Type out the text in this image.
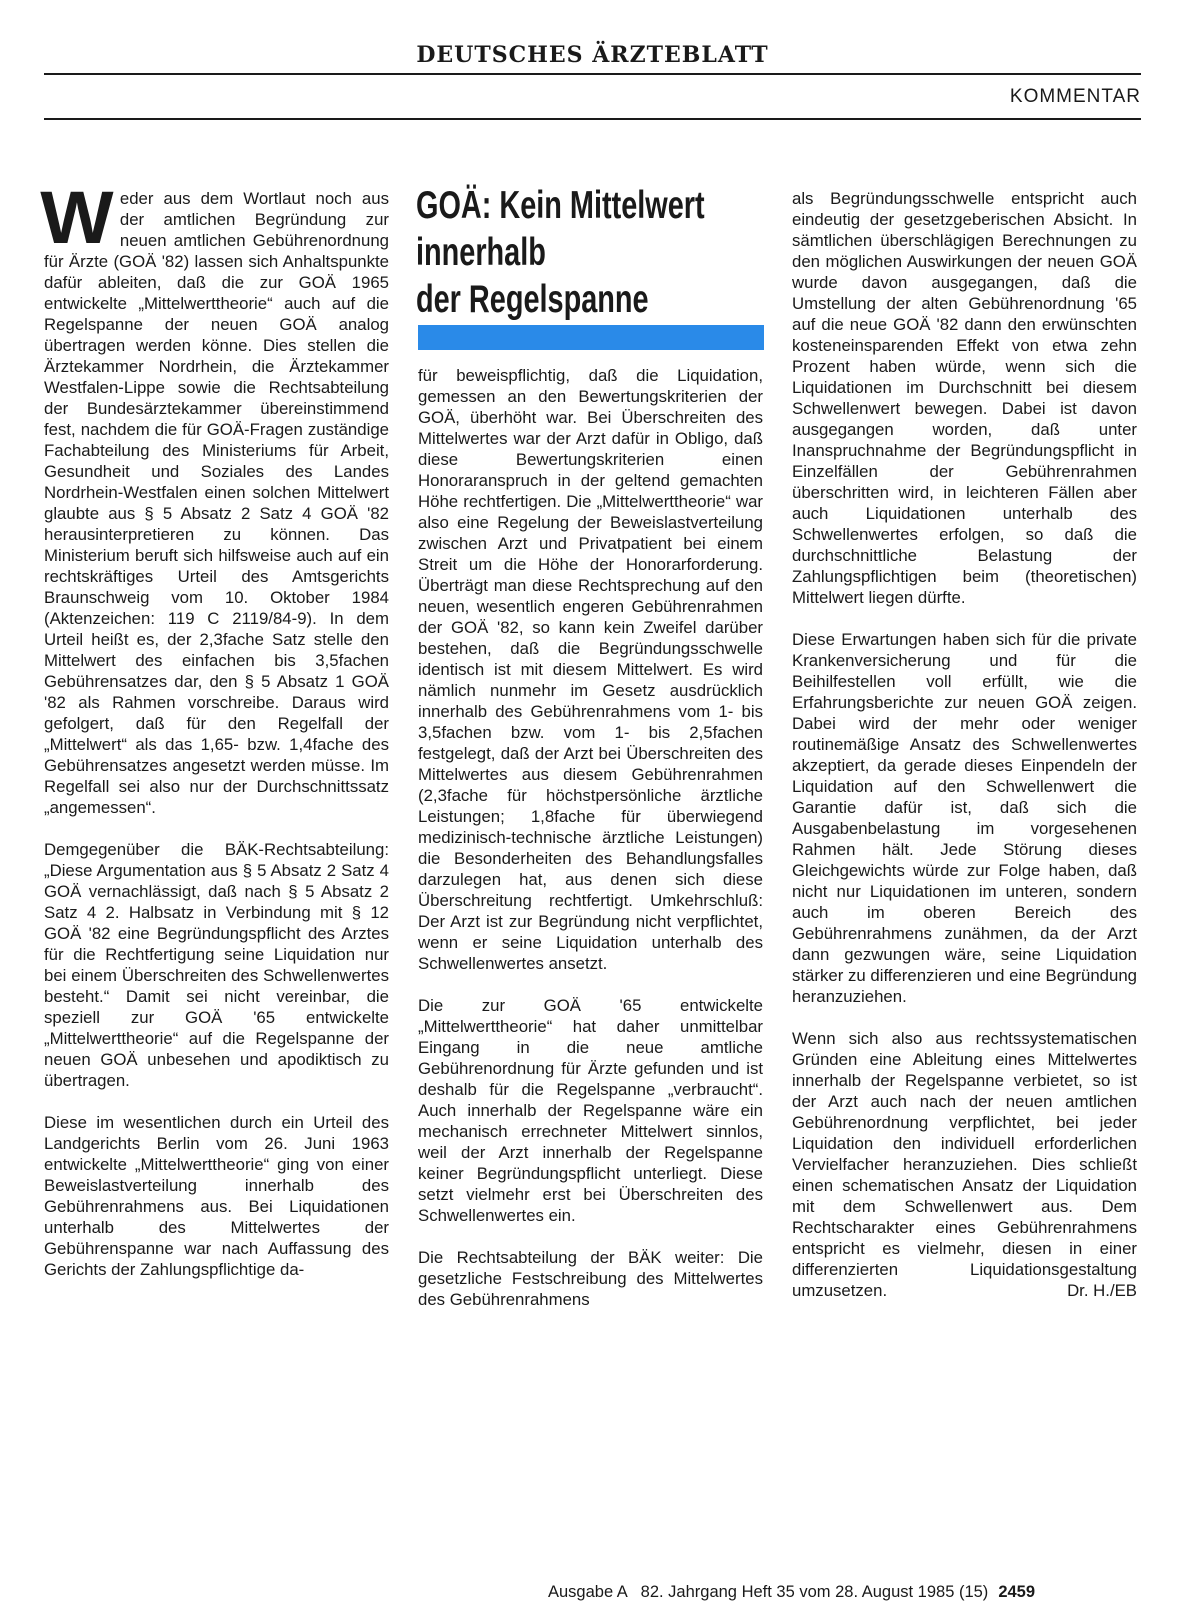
DEUTSCHES ÄRZTEBLATT
KOMMENTAR

Weder aus dem Wortlaut noch aus der amtlichen Begründung zur neuen amtlichen Gebührenordnung für Ärzte (GOÄ '82) lassen sich Anhaltspunkte dafür ableiten, daß die zur GOÄ 1965 entwickelte „Mittelwerttheorie“ auch auf die Regelspanne der neuen GOÄ analog übertragen werden könne. Dies stellen die Ärztekammer Nordrhein, die Ärztekammer Westfalen-Lippe sowie die Rechtsabteilung der Bundesärztekammer übereinstimmend fest, nachdem die für GOÄ-Fragen zuständige Fachabteilung des Ministeriums für Arbeit, Gesundheit und Soziales des Landes Nordrhein-Westfalen einen solchen Mittelwert glaubte aus § 5 Absatz 2 Satz 4 GOÄ '82 herausinterpretieren zu können. Das Ministerium beruft sich hilfsweise auch auf ein rechtskräftiges Urteil des Amtsgerichts Braunschweig vom 10. Oktober 1984 (Aktenzeichen: 119 C 2119/84-9). In dem Urteil heißt es, der 2,3fache Satz stelle den Mittelwert des einfachen bis 3,5fachen Gebührensatzes dar, den § 5 Absatz 1 GOÄ '82 als Rahmen vorschreibe. Daraus wird gefolgert, daß für den Regelfall der „Mittelwert“ als das 1,65- bzw. 1,4fache des Gebührensatzes angesetzt werden müsse. Im Regelfall sei also nur der Durchschnittssatz „angemessen“.

Demgegenüber die BÄK-Rechtsabteilung: „Diese Argumentation aus § 5 Absatz 2 Satz 4 GOÄ vernachlässigt, daß nach § 5 Absatz 2 Satz 4 2. Halbsatz in Verbindung mit § 12 GOÄ '82 eine Begründungspflicht des Arztes für die Rechtfertigung seine Liquidation nur bei einem Überschreiten des Schwellenwertes besteht.“ Damit sei nicht vereinbar, die speziell zur GOÄ '65 entwickelte „Mittelwerttheorie“ auf die Regelspanne der neuen GOÄ unbesehen und apodiktisch zu übertragen.

Diese im wesentlichen durch ein Urteil des Landgerichts Berlin vom 26. Juni 1963 entwickelte „Mittelwerttheorie“ ging von einer Beweislastverteilung innerhalb des Gebührenrahmens aus. Bei Liquidationen unterhalb des Mittelwertes der Gebührenspanne war nach Auffassung des Gerichts der Zahlungspflichtige da-

GOÄ: Kein Mittelwert
innerhalb
der Regelspanne

für beweispflichtig, daß die Liquidation, gemessen an den Bewertungskriterien der GOÄ, überhöht war. Bei Überschreiten des Mittelwertes war der Arzt dafür in Obligo, daß diese Bewertungskriterien einen Honoraranspruch in der geltend gemachten Höhe rechtfertigen. Die „Mittelwerttheorie“ war also eine Regelung der Beweislastverteilung zwischen Arzt und Privatpatient bei einem Streit um die Höhe der Honorarforderung. Überträgt man diese Rechtsprechung auf den neuen, wesentlich engeren Gebührenrahmen der GOÄ '82, so kann kein Zweifel darüber bestehen, daß die Begründungsschwelle identisch ist mit diesem Mittelwert. Es wird nämlich nunmehr im Gesetz ausdrücklich innerhalb des Gebührenrahmens vom 1- bis 3,5fachen bzw. vom 1- bis 2,5fachen festgelegt, daß der Arzt bei Überschreiten des Mittelwertes aus diesem Gebührenrahmen (2,3fache für höchstpersönliche ärztliche Leistungen; 1,8fache für überwiegend medizinisch-technische ärztliche Leistungen) die Besonderheiten des Behandlungsfalles darzulegen hat, aus denen sich diese Überschreitung rechtfertigt. Umkehrschluß: Der Arzt ist zur Begründung nicht verpflichtet, wenn er seine Liquidation unterhalb des Schwellenwertes ansetzt.

Die zur GOÄ '65 entwickelte „Mittelwerttheorie“ hat daher unmittelbar Eingang in die neue amtliche Gebührenordnung für Ärzte gefunden und ist deshalb für die Regelspanne „verbraucht“. Auch innerhalb der Regelspanne wäre ein mechanisch errechneter Mittelwert sinnlos, weil der Arzt innerhalb der Regelspanne keiner Begründungspflicht unterliegt. Diese setzt vielmehr erst bei Überschreiten des Schwellenwertes ein.

Die Rechtsabteilung der BÄK weiter: Die gesetzliche Festschreibung des Mittelwertes des Gebührenrahmens

als Begründungsschwelle entspricht auch eindeutig der gesetzgeberischen Absicht. In sämtlichen überschlägigen Berechnungen zu den möglichen Auswirkungen der neuen GOÄ wurde davon ausgegangen, daß die Umstellung der alten Gebührenordnung '65 auf die neue GOÄ '82 dann den erwünschten kosteneinsparenden Effekt von etwa zehn Prozent haben würde, wenn sich die Liquidationen im Durchschnitt bei diesem Schwellenwert bewegen. Dabei ist davon ausgegangen worden, daß unter Inanspruchnahme der Begründungspflicht in Einzelfällen der Gebührenrahmen überschritten wird, in leichteren Fällen aber auch Liquidationen unterhalb des Schwellenwertes erfolgen, so daß die durchschnittliche Belastung der Zahlungspflichtigen beim (theoretischen) Mittelwert liegen dürfte.

Diese Erwartungen haben sich für die private Krankenversicherung und für die Beihilfestellen voll erfüllt, wie die Erfahrungsberichte zur neuen GOÄ zeigen. Dabei wird der mehr oder weniger routinemäßige Ansatz des Schwellenwertes akzeptiert, da gerade dieses Einpendeln der Liquidation auf den Schwellenwert die Garantie dafür ist, daß sich die Ausgabenbelastung im vorgesehenen Rahmen hält. Jede Störung dieses Gleichgewichts würde zur Folge haben, daß nicht nur Liquidationen im unteren, sondern auch im oberen Bereich des Gebührenrahmens zunähmen, da der Arzt dann gezwungen wäre, seine Liquidation stärker zu differenzieren und eine Begründung heranzuziehen.

Wenn sich also aus rechtssystematischen Gründen eine Ableitung eines Mittelwertes innerhalb der Regelspanne verbietet, so ist der Arzt auch nach der neuen amtlichen Gebührenordnung verpflichtet, bei jeder Liquidation den individuell erforderlichen Vervielfacher heranzuziehen. Dies schließt einen schematischen Ansatz der Liquidation mit dem Schwellenwert aus. Dem Rechtscharakter eines Gebührenrahmens entspricht es vielmehr, diesen in einer differenzierten Liquidationsgestaltung umzusetzen.	Dr. H./EB

Ausgabe A   82. Jahrgang Heft 35 vom 28. August 1985 (15) 2459
